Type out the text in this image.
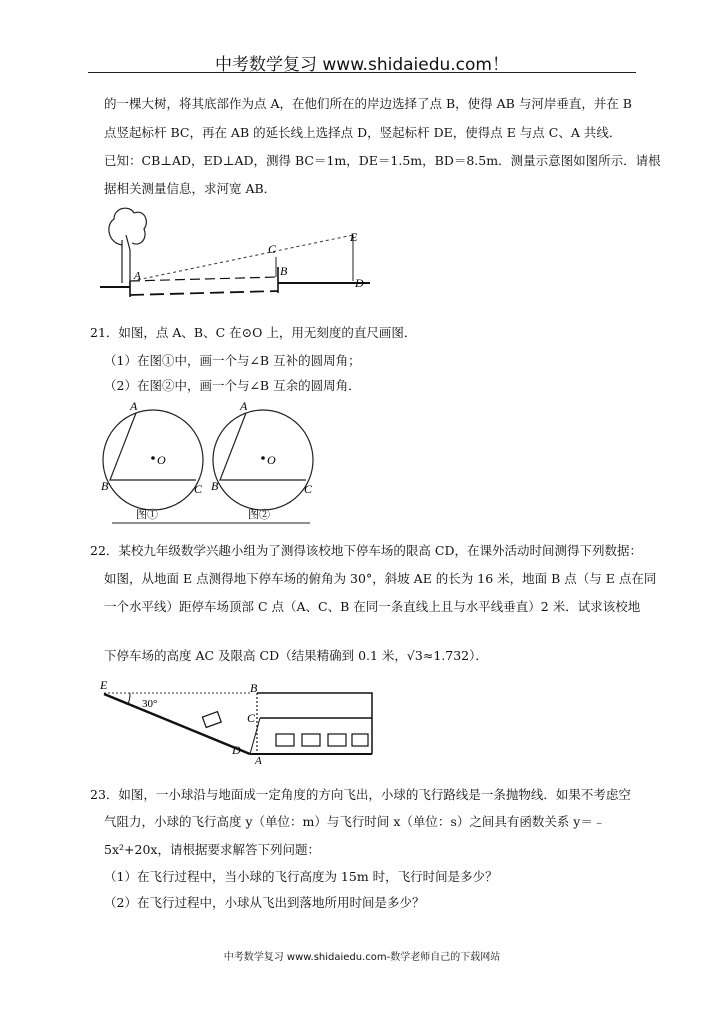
中考数学复习 www.shidaiedu.com！
的一棵大树，将其底部作为点 A，在他们所在的岸边选择了点 B，使得 AB 与河岸垂直，并在 B
点竖起标杆 BC，再在 AB 的延长线上选择点 D，竖起标杆 DE，使得点 E 与点 C、A 共线．
已知：CB⊥AD，ED⊥AD，测得 BC＝1m，DE＝1.5m，BD＝8.5m．测量示意图如图所示．请根
据相关测量信息，求河宽 AB．
A
C
B
E
D
21．如图，点 A、B、C 在⊙O 上，用无刻度的直尺画图．
（1）在图①中，画一个与∠B 互补的圆周角；
（2）在图②中，画一个与∠B 互余的圆周角．
A
O
B	C
A
O
B	C
图①	图②
22．某校九年级数学兴趣小组为了测得该校地下停车场的限高 CD，在课外活动时间测得下列数据：
如图，从地面 E 点测得地下停车场的俯角为 30°，斜坡 AE 的长为 16 米，地面 B 点（与 E 点在同
一个水平线）距停车场顶部 C 点（A、C、B 在同一条直线上且与水平线垂直）2 米．试求该校地
下停车场的高度 AC 及限高 CD（结果精确到 0.1 米，√3≈1.732）．
30°
E	B
C
D
A
23．如图，一小球沿与地面成一定角度的方向飞出，小球的飞行路线是一条抛物线．如果不考虑空
气阻力，小球的飞行高度 y（单位：m）与飞行时间 x（单位：s）之间具有函数关系 y＝﹣
5x²+20x，请根据要求解答下列问题：
（1）在飞行过程中，当小球的飞行高度为 15m 时，飞行时间是多少？
（2）在飞行过程中，小球从飞出到落地所用时间是多少？
中考数学复习 www.shidaiedu.com-数学老师自己的下载网站
